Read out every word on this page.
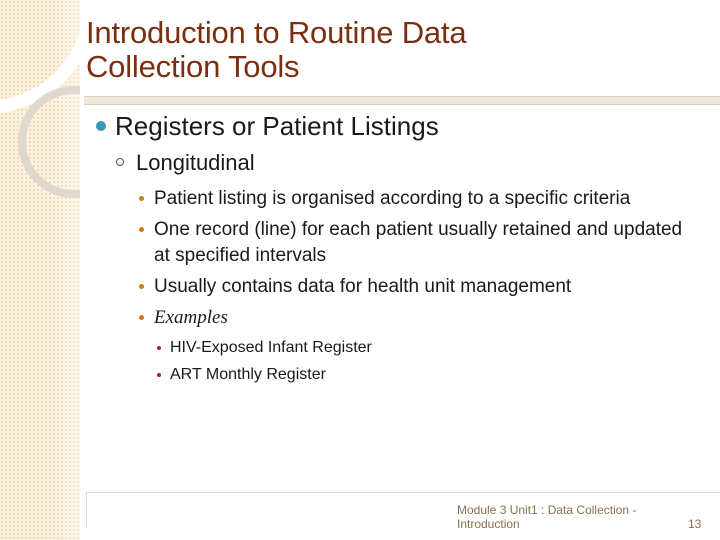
Introduction to Routine Data
Collection Tools
Registers or Patient Listings
Longitudinal
Patient listing is organised according to a specific criteria
One record (line) for each patient usually retained and updated at specified intervals
Usually contains data for health unit management
Examples
HIV-Exposed Infant Register
ART Monthly Register
Module 3 Unit1 : Data Collection - Introduction	13
